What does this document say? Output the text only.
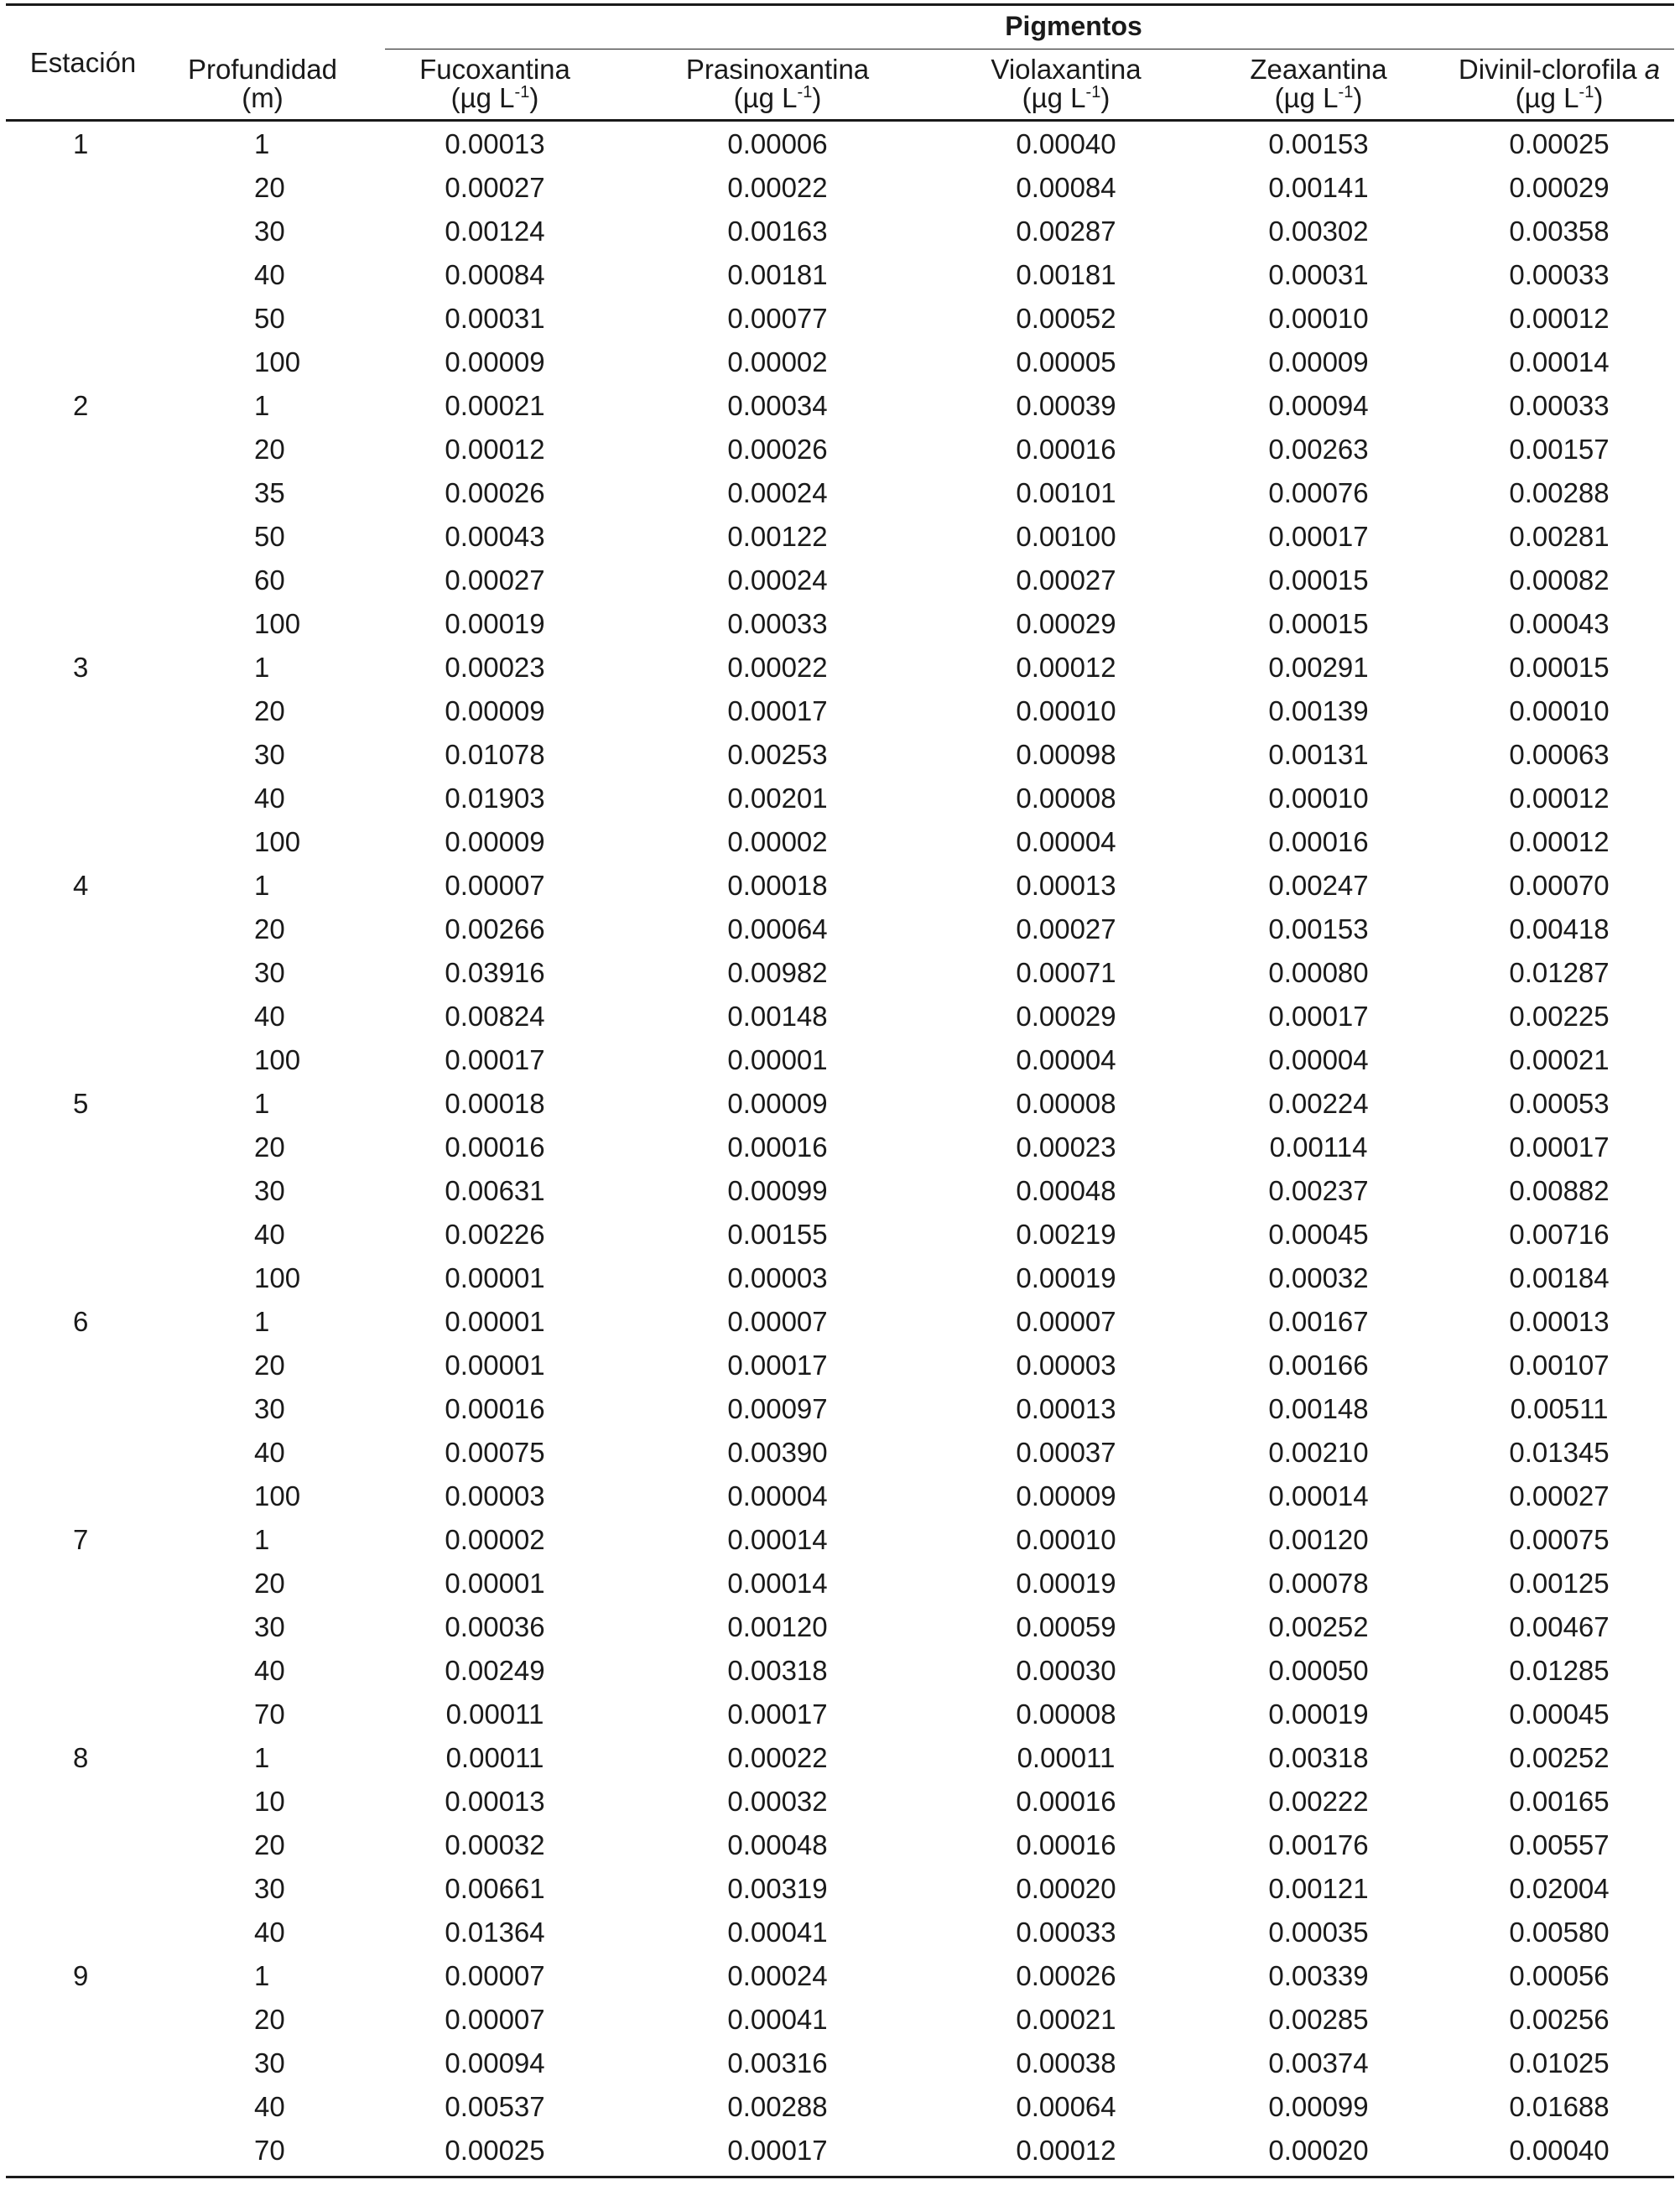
Pigmentos
Estación Profundidad
(m)
Fucoxantina
(µg $L^{-1}$)
Prasinoxantina
(µg $L^{-1}$)
Violaxantina
(µg $L^{-1}$)
Zeaxantina
(µg $L^{-1}$)
Divinil-clorofila a
(µg $L^{-1}$)
1	1	0.00013	0.00006	0.00040	0.00153	0.00025
20	0.00027	0.00022	0.00084	0.00141	0.00029
30	0.00124	0.00163	0.00287	0.00302	0.00358
40	0.00084	0.00181	0.00181	0.00031	0.00033
50	0.00031	0.00077	0.00052	0.00010	0.00012
100	0.00009	0.00002	0.00005	0.00009	0.00014
2	1	0.00021	0.00034	0.00039	0.00094	0.00033
20	0.00012	0.00026	0.00016	0.00263	0.00157
35	0.00026	0.00024	0.00101	0.00076	0.00288
50	0.00043	0.00122	0.00100	0.00017	0.00281
60	0.00027	0.00024	0.00027	0.00015	0.00082
100	0.00019	0.00033	0.00029	0.00015	0.00043
3	1	0.00023	0.00022	0.00012	0.00291	0.00015
20	0.00009	0.00017	0.00010	0.00139	0.00010
30	0.01078	0.00253	0.00098	0.00131	0.00063
40	0.01903	0.00201	0.00008	0.00010	0.00012
100	0.00009	0.00002	0.00004	0.00016	0.00012
4	1	0.00007	0.00018	0.00013	0.00247	0.00070
20	0.00266	0.00064	0.00027	0.00153	0.00418
30	0.03916	0.00982	0.00071	0.00080	0.01287
40	0.00824	0.00148	0.00029	0.00017	0.00225
100	0.00017	0.00001	0.00004	0.00004	0.00021
5	1	0.00018	0.00009	0.00008	0.00224	0.00053
20	0.00016	0.00016	0.00023	0.00114	0.00017
30	0.00631	0.00099	0.00048	0.00237	0.00882
40	0.00226	0.00155	0.00219	0.00045	0.00716
100	0.00001	0.00003	0.00019	0.00032	0.00184
6	1	0.00001	0.00007	0.00007	0.00167	0.00013
20	0.00001	0.00017	0.00003	0.00166	0.00107
30	0.00016	0.00097	0.00013	0.00148	0.00511
40	0.00075	0.00390	0.00037	0.00210	0.01345
100	0.00003	0.00004	0.00009	0.00014	0.00027
7	1	0.00002	0.00014	0.00010	0.00120	0.00075
20	0.00001	0.00014	0.00019	0.00078	0.00125
30	0.00036	0.00120	0.00059	0.00252	0.00467
40	0.00249	0.00318	0.00030	0.00050	0.01285
70	0.00011	0.00017	0.00008	0.00019	0.00045
8	1	0.00011	0.00022	0.00011	0.00318	0.00252
10	0.00013	0.00032	0.00016	0.00222	0.00165
20	0.00032	0.00048	0.00016	0.00176	0.00557
30	0.00661	0.00319	0.00020	0.00121	0.02004
40	0.01364	0.00041	0.00033	0.00035	0.00580
9	1	0.00007	0.00024	0.00026	0.00339	0.00056
20	0.00007	0.00041	0.00021	0.00285	0.00256
30	0.00094	0.00316	0.00038	0.00374	0.01025
40	0.00537	0.00288	0.00064	0.00099	0.01688
70	0.00025	0.00017	0.00012	0.00020	0.00040
